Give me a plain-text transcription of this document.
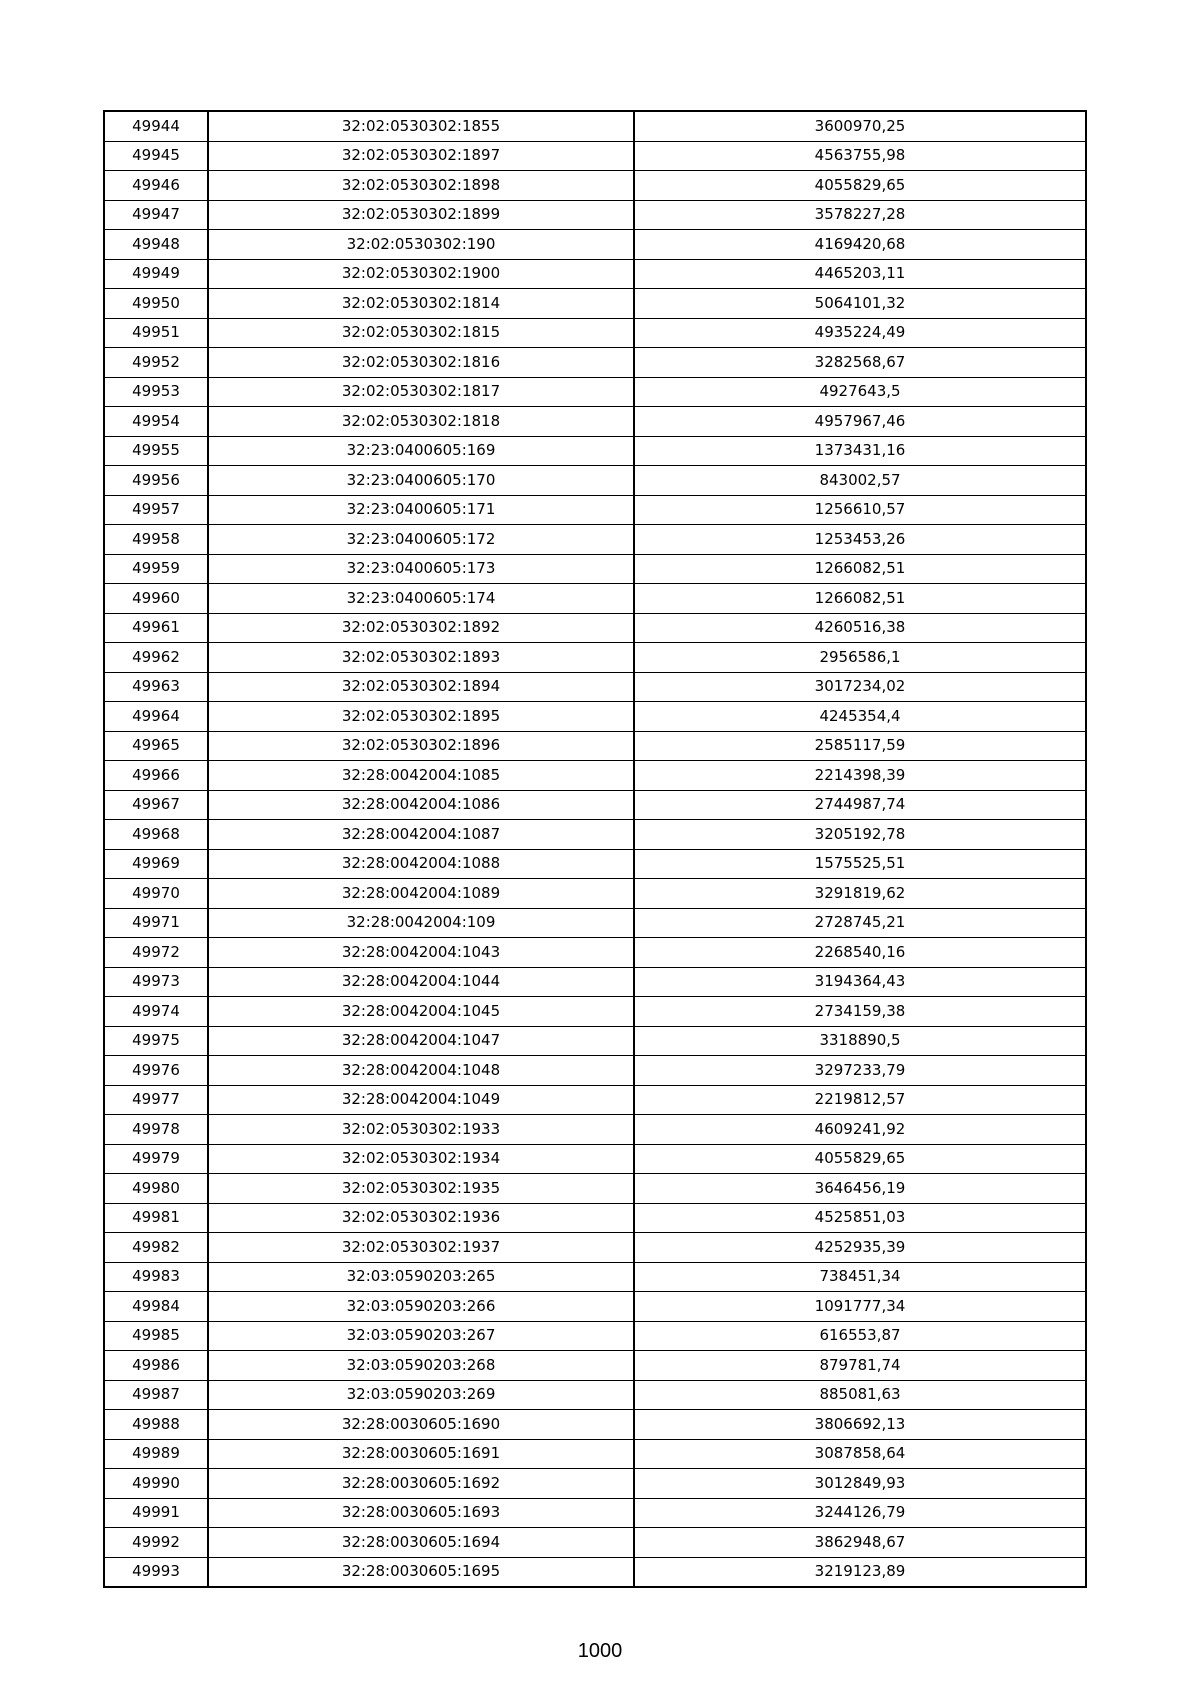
49944	32:02:0530302:1855	3600970,25
49945	32:02:0530302:1897	4563755,98
49946	32:02:0530302:1898	4055829,65
49947	32:02:0530302:1899	3578227,28
49948	32:02:0530302:190	4169420,68
49949	32:02:0530302:1900	4465203,11
49950	32:02:0530302:1814	5064101,32
49951	32:02:0530302:1815	4935224,49
49952	32:02:0530302:1816	3282568,67
49953	32:02:0530302:1817	4927643,5
49954	32:02:0530302:1818	4957967,46
49955	32:23:0400605:169	1373431,16
49956	32:23:0400605:170	843002,57
49957	32:23:0400605:171	1256610,57
49958	32:23:0400605:172	1253453,26
49959	32:23:0400605:173	1266082,51
49960	32:23:0400605:174	1266082,51
49961	32:02:0530302:1892	4260516,38
49962	32:02:0530302:1893	2956586,1
49963	32:02:0530302:1894	3017234,02
49964	32:02:0530302:1895	4245354,4
49965	32:02:0530302:1896	2585117,59
49966	32:28:0042004:1085	2214398,39
49967	32:28:0042004:1086	2744987,74
49968	32:28:0042004:1087	3205192,78
49969	32:28:0042004:1088	1575525,51
49970	32:28:0042004:1089	3291819,62
49971	32:28:0042004:109	2728745,21
49972	32:28:0042004:1043	2268540,16
49973	32:28:0042004:1044	3194364,43
49974	32:28:0042004:1045	2734159,38
49975	32:28:0042004:1047	3318890,5
49976	32:28:0042004:1048	3297233,79
49977	32:28:0042004:1049	2219812,57
49978	32:02:0530302:1933	4609241,92
49979	32:02:0530302:1934	4055829,65
49980	32:02:0530302:1935	3646456,19
49981	32:02:0530302:1936	4525851,03
49982	32:02:0530302:1937	4252935,39
49983	32:03:0590203:265	738451,34
49984	32:03:0590203:266	1091777,34
49985	32:03:0590203:267	616553,87
49986	32:03:0590203:268	879781,74
49987	32:03:0590203:269	885081,63
49988	32:28:0030605:1690	3806692,13
49989	32:28:0030605:1691	3087858,64
49990	32:28:0030605:1692	3012849,93
49991	32:28:0030605:1693	3244126,79
49992	32:28:0030605:1694	3862948,67
49993	32:28:0030605:1695	3219123,89
1000
